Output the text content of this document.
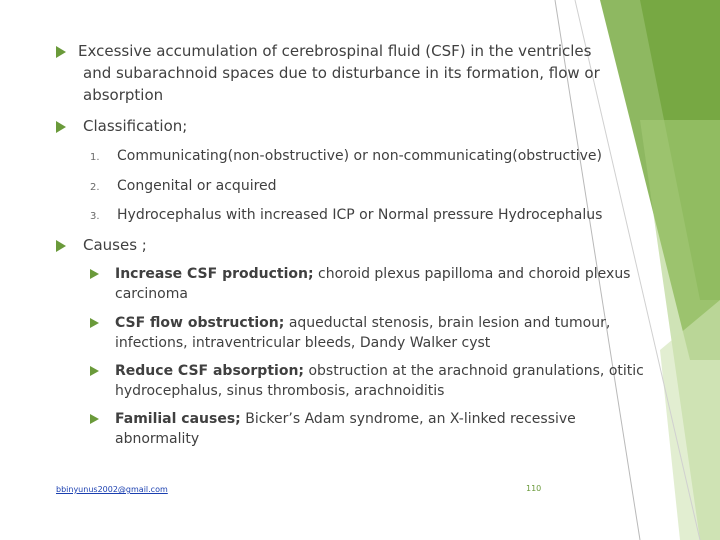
Excessive accumulation of cerebrospinal fluid (CSF) in the ventricles
and subarachnoid spaces due to disturbance in its formation, flow or
absorption
Classification;
1. Communicating(non-obstructive) or non-communicating(obstructive)
2. Congenital or acquired
3. Hydrocephalus with increased ICP or Normal pressure Hydrocephalus
Causes ;
Increase CSF production; choroid plexus papilloma and choroid plexus
carcinoma
CSF flow obstruction; aqueductal stenosis, brain lesion and tumour,
infections, intraventricular bleeds, Dandy Walker cyst
Reduce CSF absorption; obstruction at the arachnoid granulations, otitic
hydrocephalus, sinus thrombosis, arachnoiditis
Familial causes; Bicker’s Adam syndrome, an X-linked recessive
abnormality
bbinyunus2002@gmail.com	110
